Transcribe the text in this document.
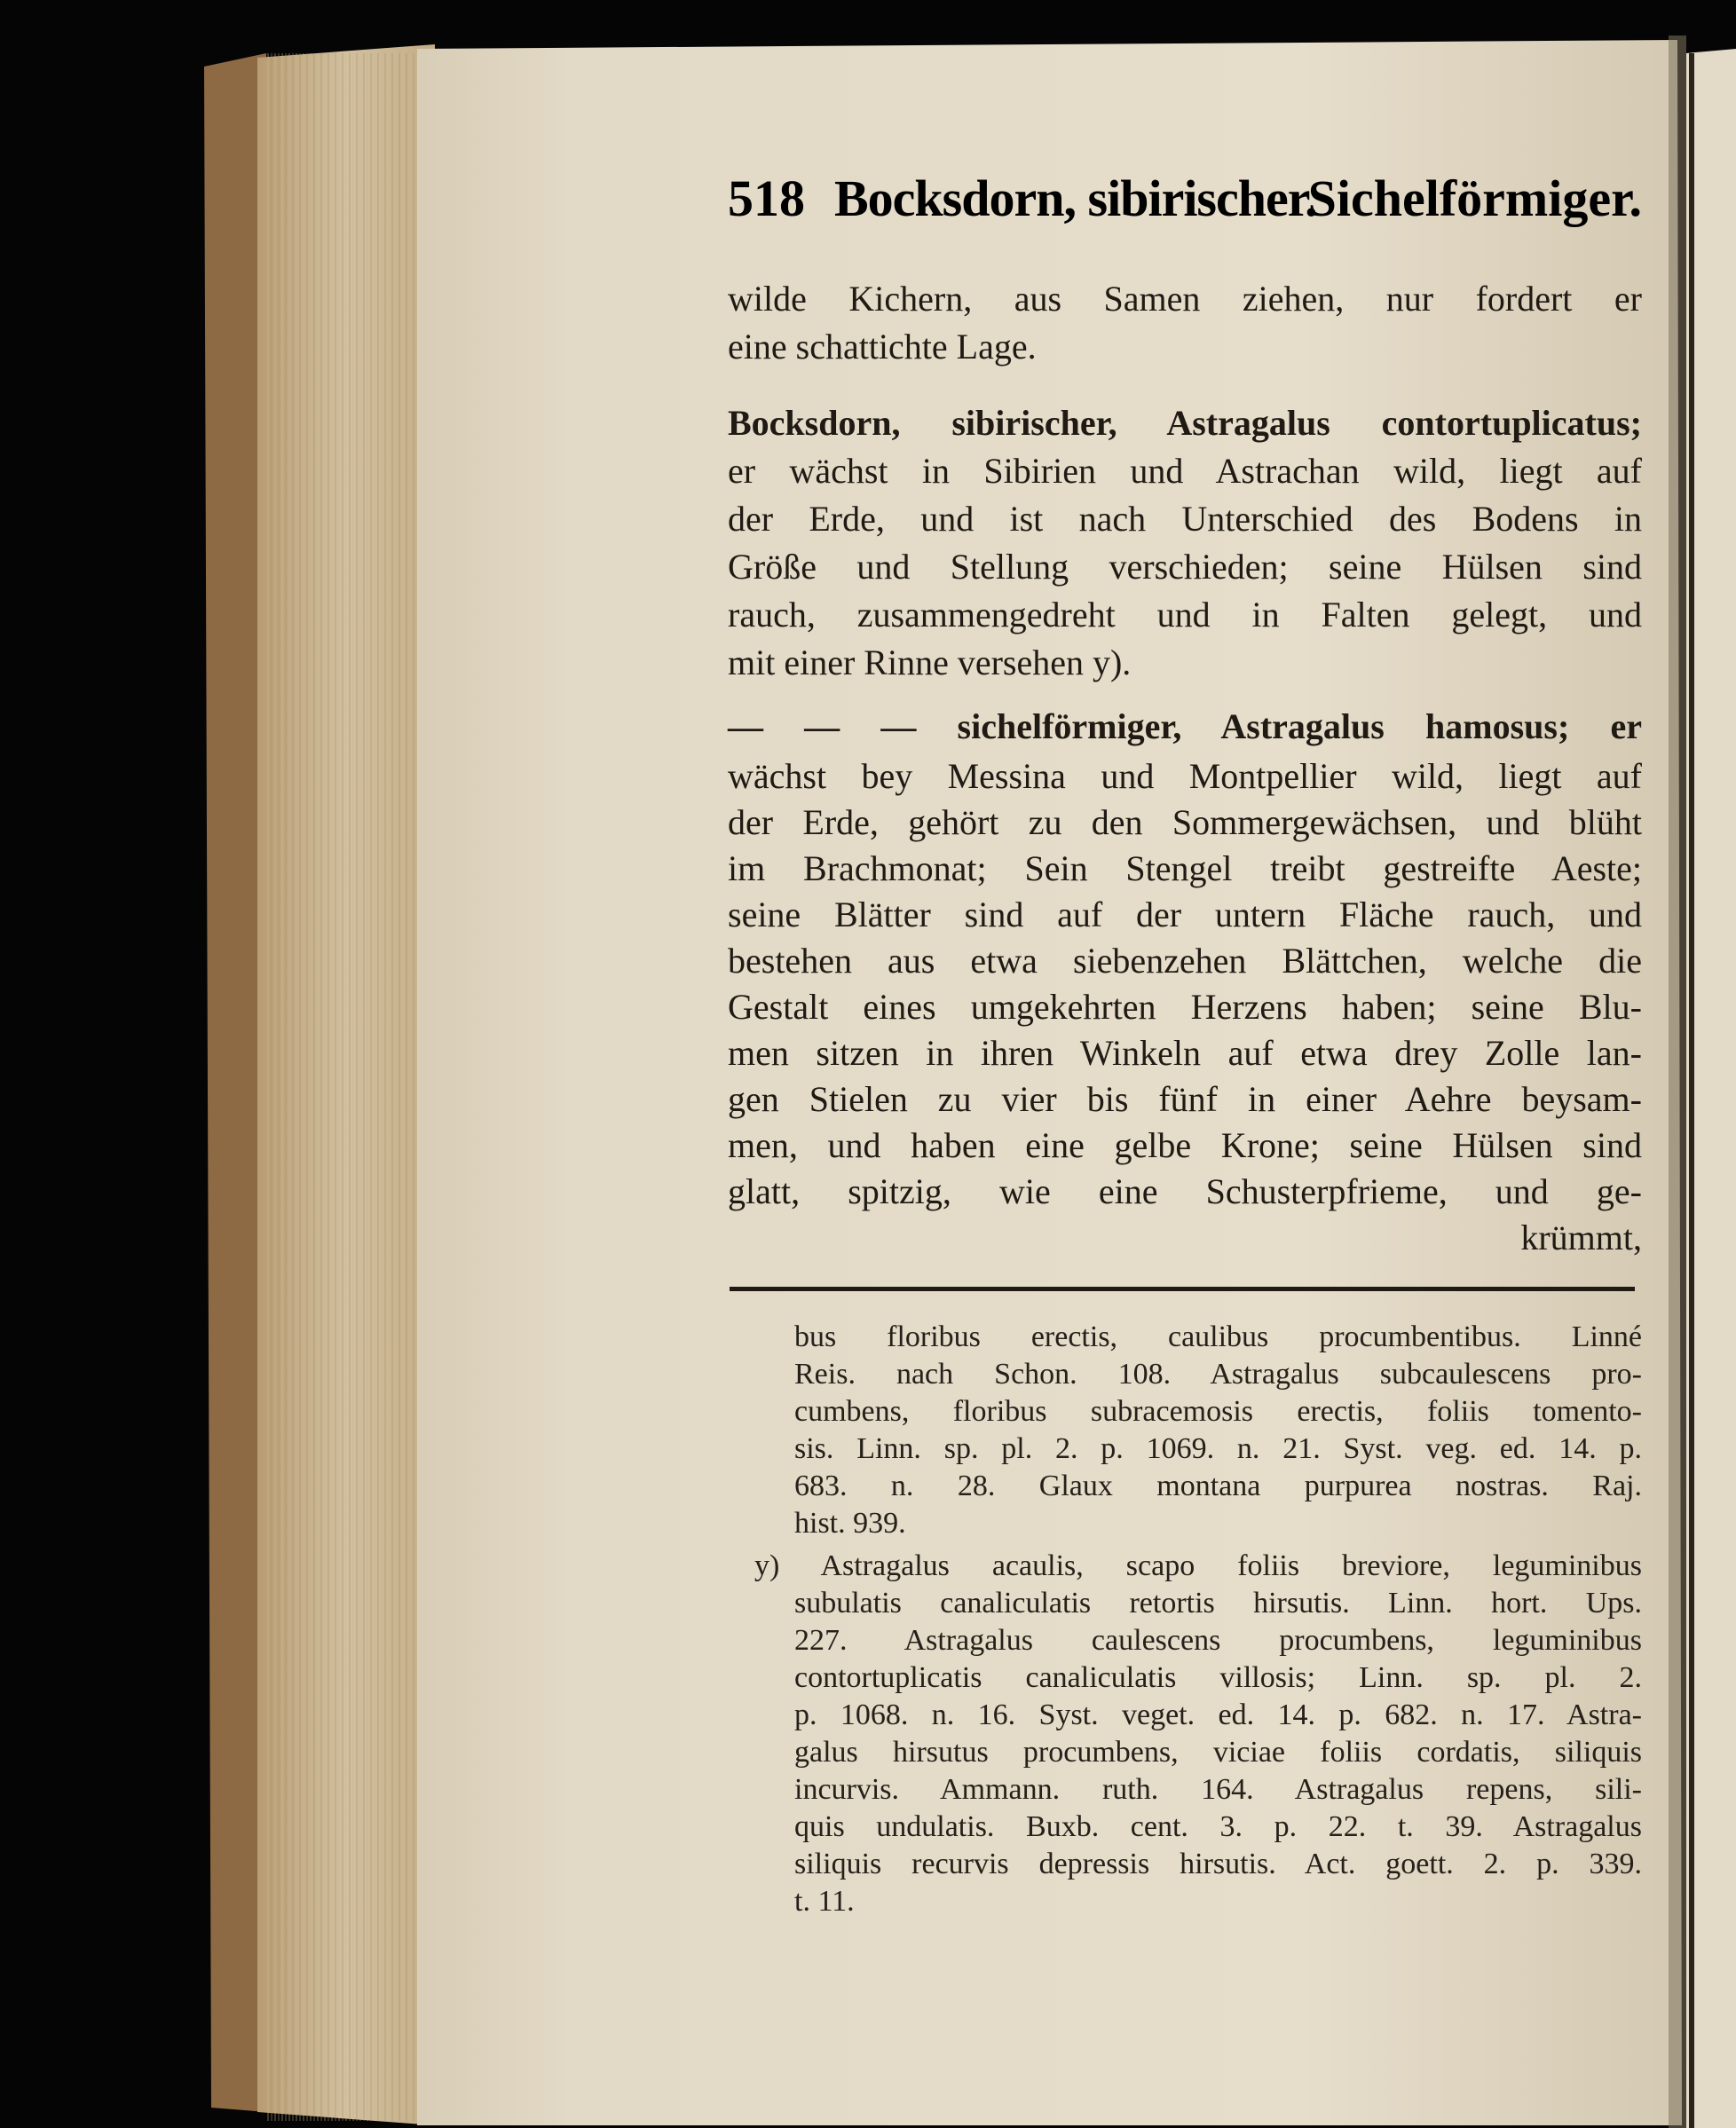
518 Bocksdorn, sibirischer.
Sichelförmiger.
wilde Kichern, aus Samen ziehen, nur fordert er
eine schattichte Lage.
Bocksdorn, sibirischer, Astragalus contortuplicatus;
er wächst in Sibirien und Astrachan wild, liegt auf
der Erde, und ist nach Unterschied des Bodens in
Größe und Stellung verschieden; seine Hülsen sind
rauch, zusammengedreht und in Falten gelegt, und
mit einer Rinne versehen y).
— — — sichelförmiger, Astragalus hamosus; er
wächst bey Messina und Montpellier wild, liegt auf
der Erde, gehört zu den Sommergewächsen, und blüht
im Brachmonat; Sein Stengel treibt gestreifte Aeste;
seine Blätter sind auf der untern Fläche rauch, und
bestehen aus etwa siebenzehen Blättchen, welche die
Gestalt eines umgekehrten Herzens haben; seine Blu-
men sitzen in ihren Winkeln auf etwa drey Zolle lan-
gen Stielen zu vier bis fünf in einer Aehre beysam-
men, und haben eine gelbe Krone; seine Hülsen sind
glatt, spitzig, wie eine Schusterpfrieme, und ge-
krümmt,
bus floribus erectis, caulibus procumbentibus. Linné
Reis. nach Schon. 108. Astragalus subcaulescens pro-
cumbens, floribus subracemosis erectis, foliis tomento-
sis. Linn. sp. pl. 2. p. 1069. n. 21. Syst. veg. ed. 14. p.
683. n. 28. Glaux montana purpurea nostras. Raj.
hist. 939.
y) Astragalus acaulis, scapo foliis breviore, leguminibus
subulatis canaliculatis retortis hirsutis. Linn. hort. Ups.
227. Astragalus caulescens procumbens, leguminibus
contortuplicatis canaliculatis villosis; Linn. sp. pl. 2.
p. 1068. n. 16. Syst. veget. ed. 14. p. 682. n. 17. Astra-
galus hirsutus procumbens, viciae foliis cordatis, siliquis
incurvis. Ammann. ruth. 164. Astragalus repens, sili-
quis undulatis. Buxb. cent. 3. p. 22. t. 39. Astragalus
siliquis recurvis depressis hirsutis. Act. goett. 2. p. 339.
t. 11.
